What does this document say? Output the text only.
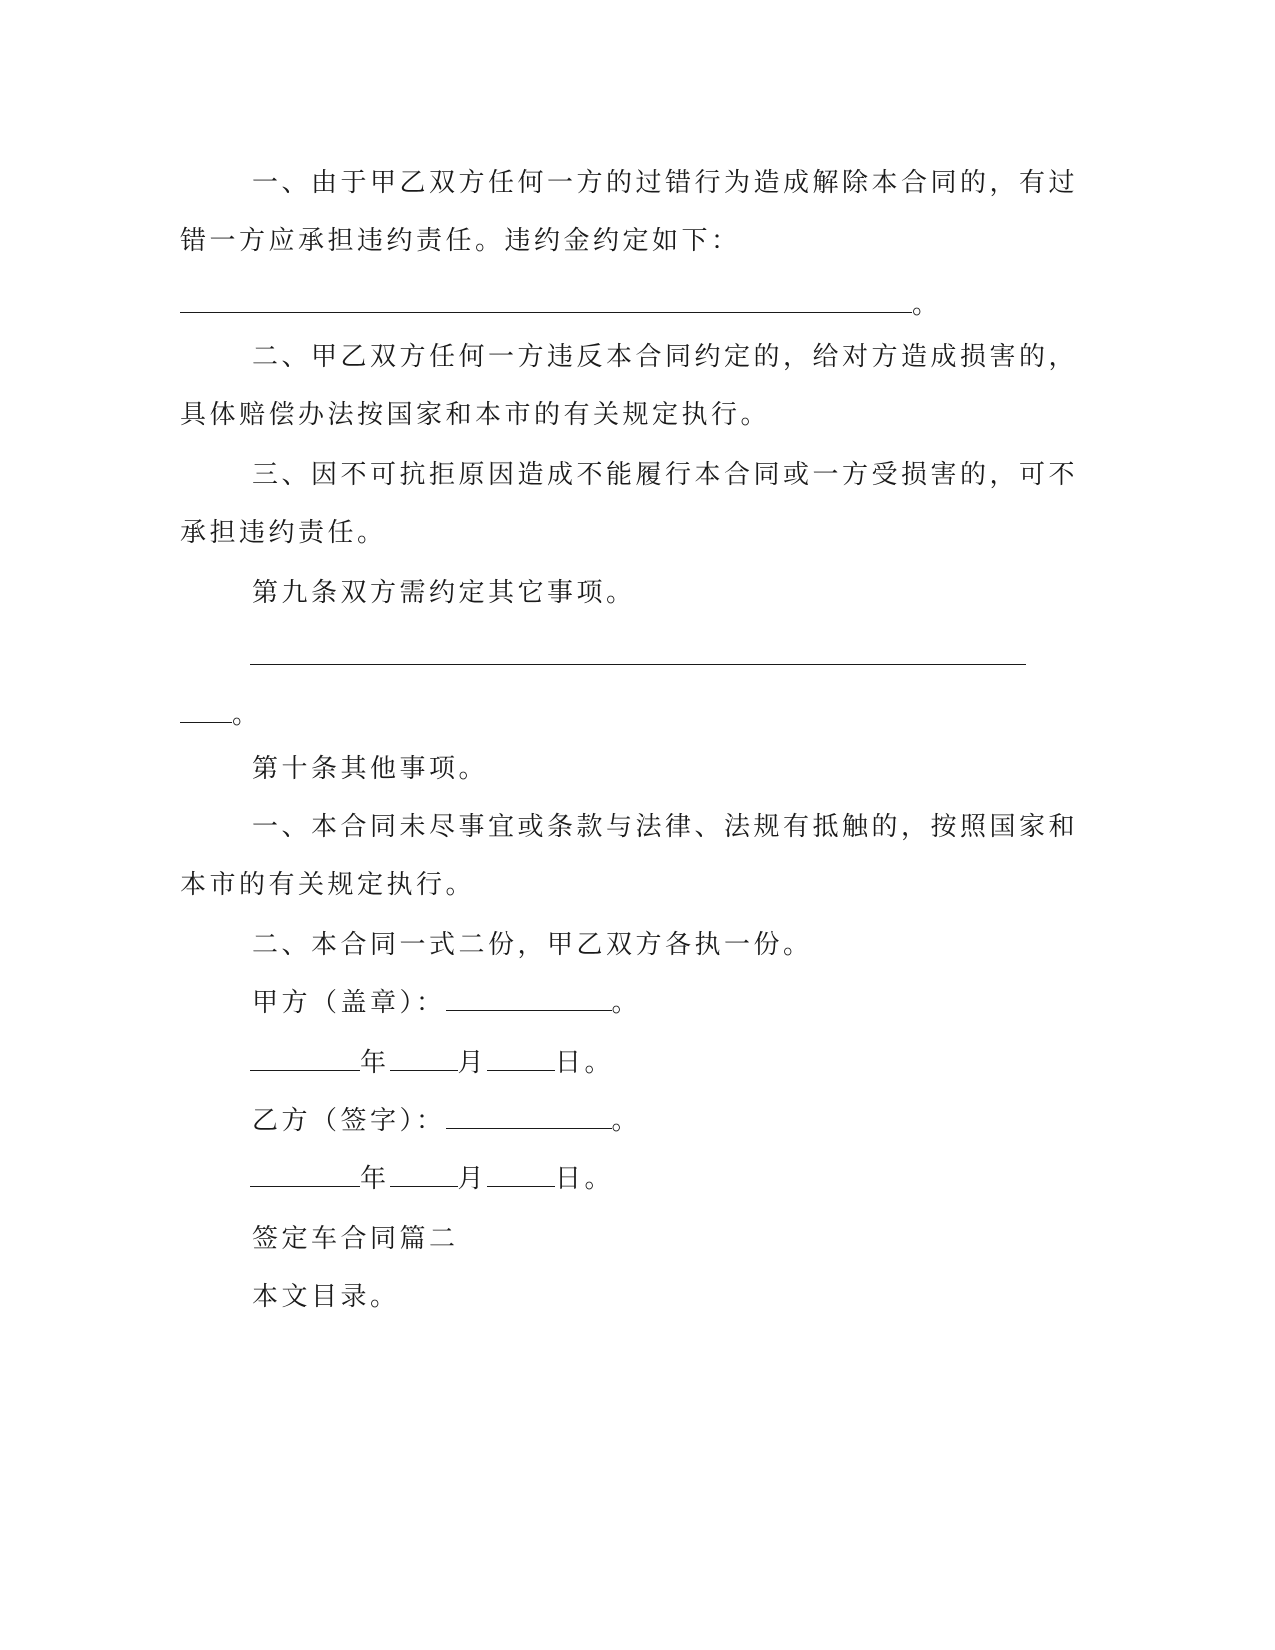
一、由于甲乙双方任何一方的过错行为造成解除本合同的，有过
错一方应承担违约责任。违约金约定如下：
。
二、甲乙双方任何一方违反本合同约定的，给对方造成损害的，
具体赔偿办法按国家和本市的有关规定执行。
三、因不可抗拒原因造成不能履行本合同或一方受损害的，可不
承担违约责任。
第九条双方需约定其它事项。
。
第十条其他事项。
一、本合同未尽事宜或条款与法律、法规有抵触的，按照国家和
本市的有关规定执行。
二、本合同一式二份，甲乙双方各执一份。
甲方（盖章）：	。
年	月	日。
乙方（签字）：	。
年	月	日。
签定车合同篇二
本文目录。
